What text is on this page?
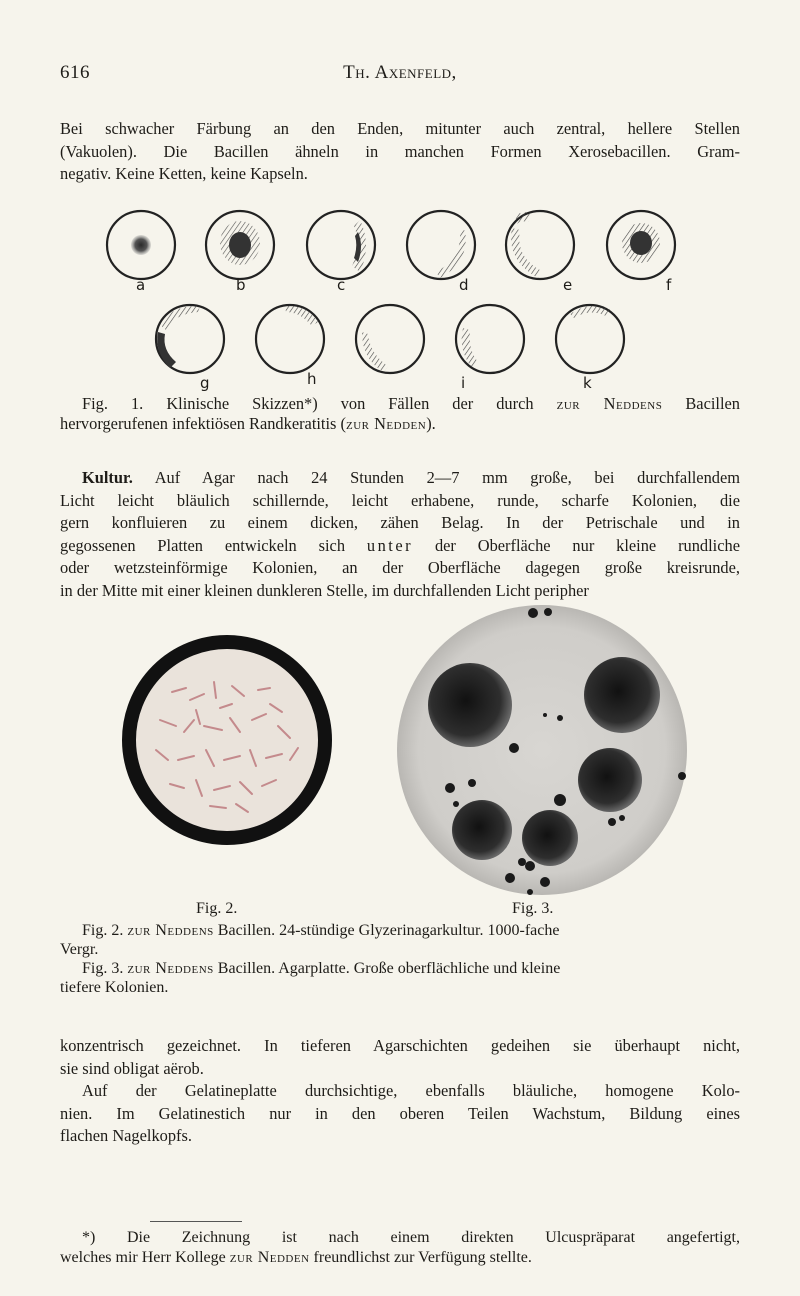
616	Th. Axenfeld,
Bei schwacher Färbung an den Enden, mitunter auch zentral, hellere Stellen
(Vakuolen). Die Bacillen ähneln in manchen Formen Xerosebacillen. Gram-
negativ. Keine Ketten, keine Kapseln.
a	b	c	d	e	f
g	h	i	k
Fig. 1. Klinische Skizzen*) von Fällen der durch zur Neddens Bacillen
hervorgerufenen infektiösen Randkeratitis (zur Nedden).
Kultur. Auf Agar nach 24 Stunden 2—7 mm große, bei durchfallendem
Licht leicht bläulich schillernde, leicht erhabene, runde, scharfe Kolonien, die
gern konfluieren zu einem dicken, zähen Belag. In der Petrischale und in
gegossenen Platten entwickeln sich unter der Oberfläche nur kleine rundliche
oder wetzsteinförmige Kolonien, an der Oberfläche dagegen große kreisrunde,
in der Mitte mit einer kleinen dunkleren Stelle, im durchfallenden Licht peripher
Fig. 2.	Fig. 3.
Fig. 2. zur Neddens Bacillen. 24-stündige Glyzerinagarkultur. 1000-fache
Vergr.
Fig. 3. zur Neddens Bacillen. Agarplatte. Große oberflächliche und kleine
tiefere Kolonien.
konzentrisch gezeichnet. In tieferen Agarschichten gedeihen sie überhaupt nicht,
sie sind obligat aërob.
Auf der Gelatineplatte durchsichtige, ebenfalls bläuliche, homogene Kolo-
nien. Im Gelatinestich nur in den oberen Teilen Wachstum, Bildung eines
flachen Nagelkopfs.
*) Die Zeichnung ist nach einem direkten Ulcuspräparat angefertigt,
welches mir Herr Kollege zur Nedden freundlichst zur Verfügung stellte.
